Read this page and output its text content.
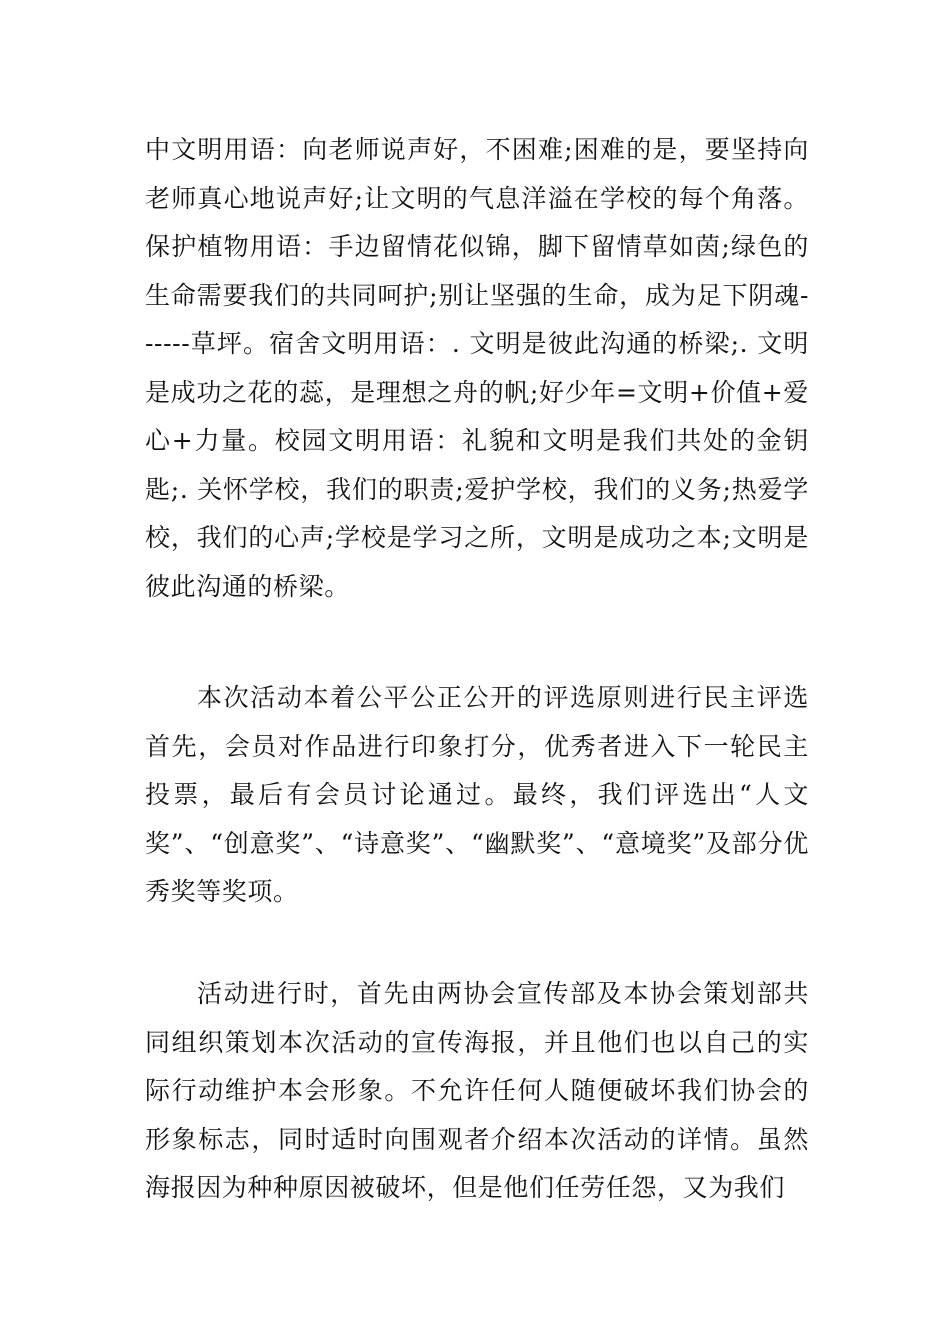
中文明用语：向老师说声好，不困难;困难的是，要坚持向老师真心地说声好;让文明的气息洋溢在学校的每个角落。保护植物用语：手边留情花似锦，脚下留情草如茵;绿色的生命需要我们的共同呵护;别让坚强的生命，成为足下阴魂------草坪。宿舍文明用语：. 文明是彼此沟通的桥梁;. 文明是成功之花的蕊，是理想之舟的帆;好少年=文明+价值+爱心+力量。校园文明用语：礼貌和文明是我们共处的金钥匙;. 关怀学校，我们的职责;爱护学校，我们的义务;热爱学校，我们的心声;学校是学习之所，文明是成功之本;文明是彼此沟通的桥梁。

本次活动本着公平公正公开的评选原则进行民主评选首先，会员对作品进行印象打分，优秀者进入下一轮民主投票，最后有会员讨论通过。最终，我们评选出“人文奖”、“创意奖”、“诗意奖”、“幽默奖”、“意境奖”及部分优秀奖等奖项。

活动进行时，首先由两协会宣传部及本协会策划部共同组织策划本次活动的宣传海报，并且他们也以自己的实际行动维护本会形象。不允许任何人随便破坏我们协会的形象标志，同时适时向围观者介绍本次活动的详情。虽然海报因为种种原因被破坏，但是他们任劳任怨，又为我们
